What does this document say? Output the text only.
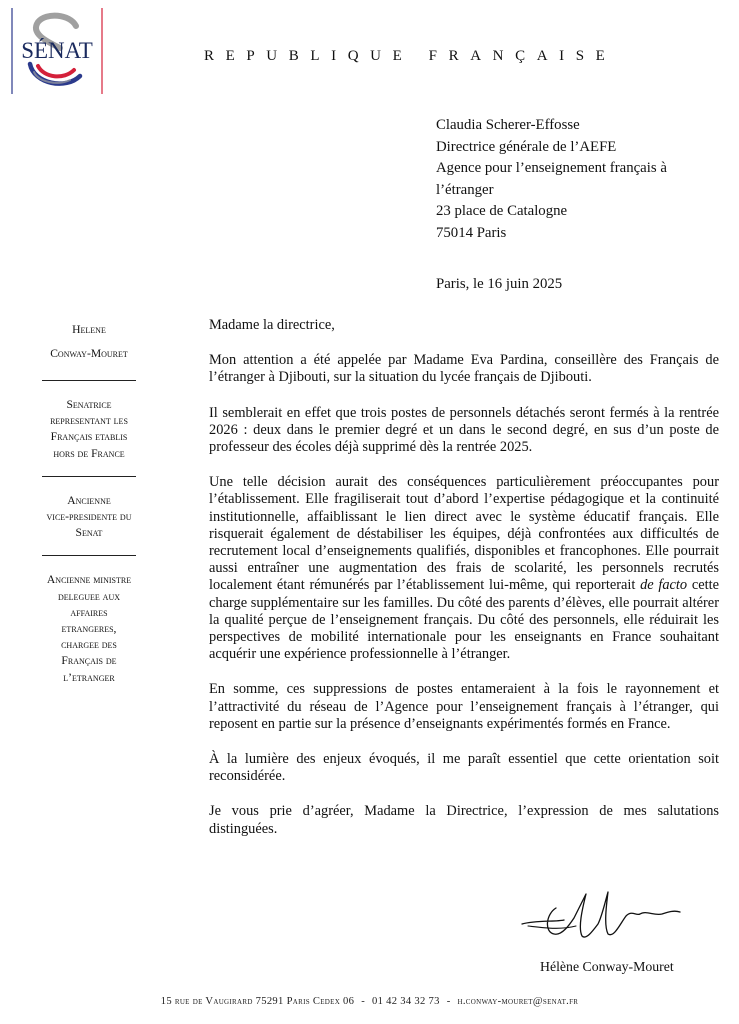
SÉNAT	REPUBLIQUE FRANÇAISE
Claudia Scherer-Effosse
Directrice générale de l’AEFE
Agence pour l’enseignement français à
l’étranger
23 place de Catalogne
75014 Paris
Paris, le 16 juin 2025
Helene
Conway-Mouret
Senatrice
representant les
Français etablis
hors de France
Ancienne
vice-presidente du
Senat
Ancienne ministre
deleguee aux
affaires
etrangeres,
chargee des
Français de
l’etranger
Madame la directrice,

Mon attention a été appelée par Madame Eva Pardina, conseillère des Français de l’étranger à Djibouti, sur la situation du lycée français de Djibouti.

Il semblerait en effet que trois postes de personnels détachés seront fermés à la rentrée 2026 : deux dans le premier degré et un dans le second degré, en sus d’un poste de professeur des écoles déjà supprimé dès la rentrée 2025.

Une telle décision aurait des conséquences particulièrement préoccupantes pour l’établissement. Elle fragiliserait tout d’abord l’expertise pédagogique et la continuité institutionnelle, affaiblissant le lien direct avec le système éducatif français. Elle risquerait également de déstabiliser les équipes, déjà confrontées aux difficultés de recrutement local d’enseignements qualifiés, disponibles et francophones. Elle pourrait aussi entraîner une augmentation des frais de scolarité, les personnels recrutés localement étant rémunérés par l’établissement lui-même, qui reporterait de facto cette charge supplémentaire sur les familles. Du côté des parents d’élèves, elle pourrait altérer la qualité perçue de l’enseignement français. Du côté des personnels, elle réduirait les perspectives de mobilité internationale pour les enseignants en France souhaitant acquérir une expérience professionnelle à l’étranger.

En somme, ces suppressions de postes entameraient à la fois le rayonnement et l’attractivité du réseau de l’Agence pour l’enseignement français à l’étranger, qui reposent en partie sur la présence d’enseignants expérimentés formés en France.

À la lumière des enjeux évoqués, il me paraît essentiel que cette orientation soit reconsidérée.

Je vous prie d’agréer, Madame la Directrice, l’expression de mes salutations distinguées.

Hélène Conway-Mouret
15 rue de Vaugirard 75291 Paris Cedex 06 - 01 42 34 32 73 - h.conway-mouret@senat.fr
